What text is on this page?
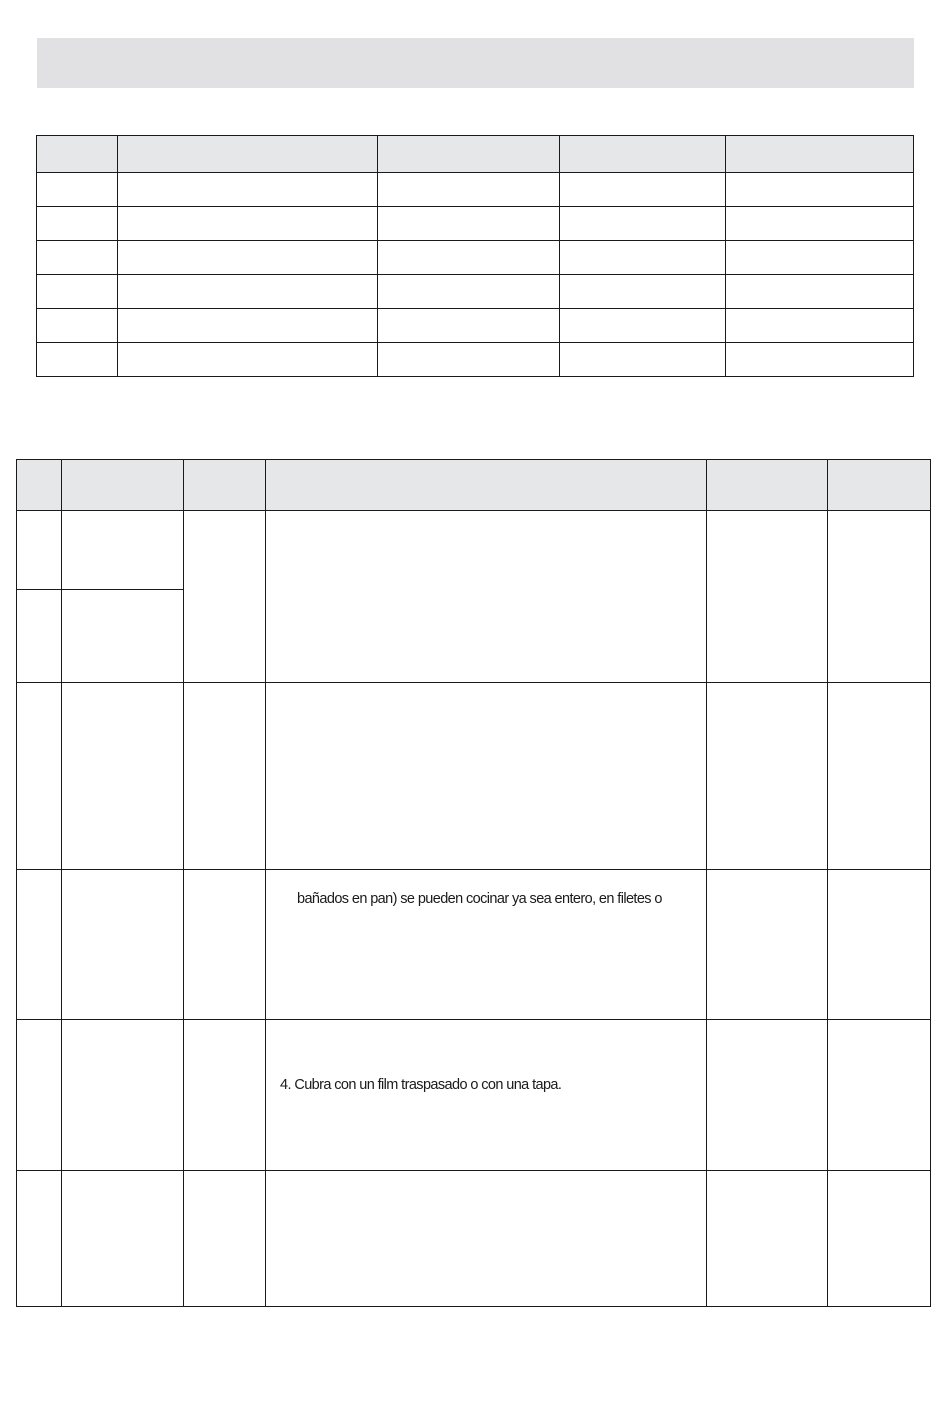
			bañados en pan) se pueden cocinar ya sea entero, en filetes o		

			4. Cubra con un film traspasado o con una tapa.		
